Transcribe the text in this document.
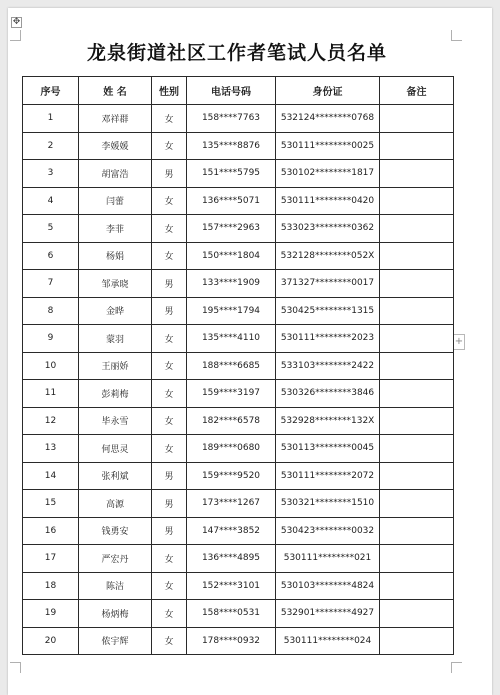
✥
+
龙泉街道社区工作者笔试人员名单
序号	姓 名	性别	电话号码	身份证	备注
1	邓祥群	女	158****7763	532124********0768	
2	李媛媛	女	135****8876	530111********0025	
3	胡富浩	男	151****5795	530102********1817	
4	闫蕾	女	136****5071	530111********0420	
5	李菲	女	157****2963	533023********0362	
6	杨娟	女	150****1804	532128********052X	
7	邹承晓	男	133****1909	371327********0017	
8	金晔	男	195****1794	530425********1315	
9	蒙羽	女	135****4110	530111********2023	
10	王丽娇	女	188****6685	533103********2422	
11	彭莉梅	女	159****3197	530326********3846	
12	毕永雪	女	182****6578	532928********132X	
13	何思灵	女	189****0680	530113********0045	
14	张利斌	男	159****9520	530111********2072	
15	高源	男	173****1267	530321********1510	
16	钱勇安	男	147****3852	530423********0032	
17	严宏丹	女	136****4895	530111********021	
18	陈洁	女	152****3101	530103********4824	
19	杨炳梅	女	158****0531	532901********4927	
20	侬宇辉	女	178****0932	530111********024	
